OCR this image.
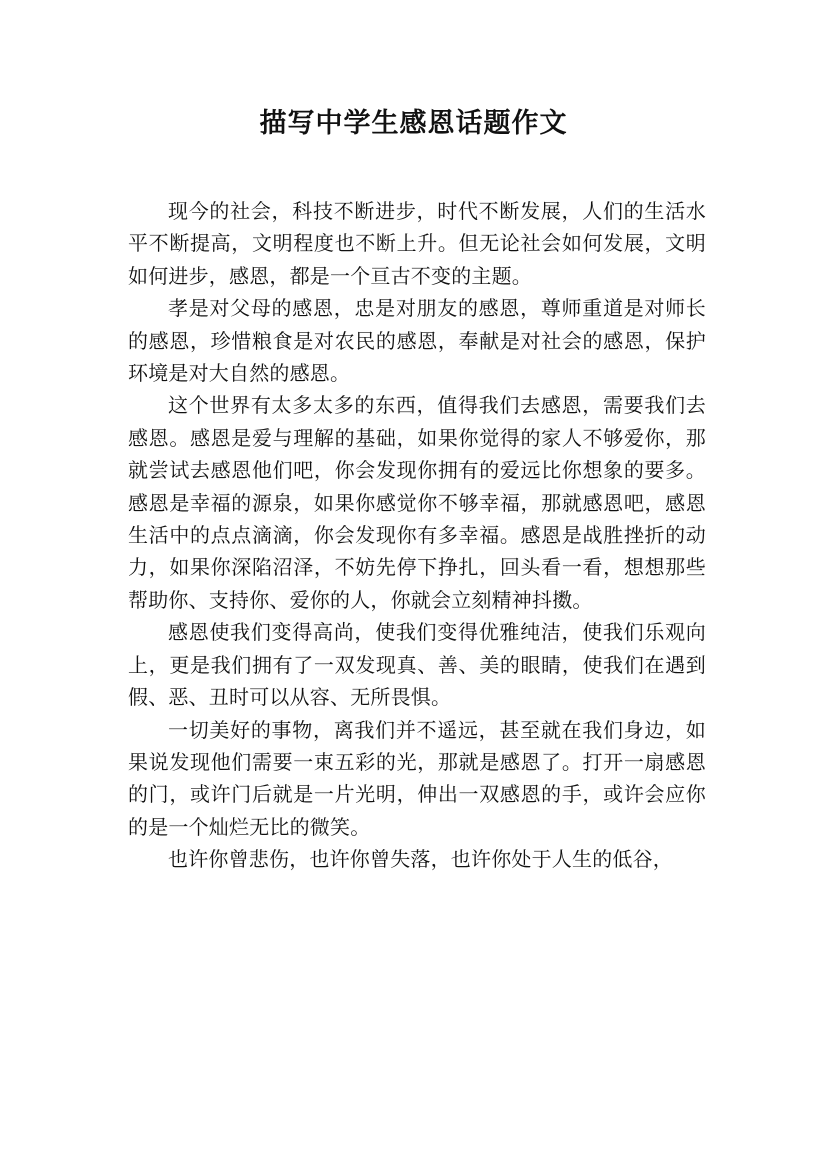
描写中学生感恩话题作文

现今的社会，科技不断进步，时代不断发展，人们的生活水平不断提高，文明程度也不断上升。但无论社会如何发展，文明如何进步，感恩，都是一个亘古不变的主题。

孝是对父母的感恩，忠是对朋友的感恩，尊师重道是对师长的感恩，珍惜粮食是对农民的感恩，奉献是对社会的感恩，保护环境是对大自然的感恩。

这个世界有太多太多的东西，值得我们去感恩，需要我们去感恩。感恩是爱与理解的基础，如果你觉得的家人不够爱你，那就尝试去感恩他们吧，你会发现你拥有的爱远比你想象的要多。感恩是幸福的源泉，如果你感觉你不够幸福，那就感恩吧，感恩生活中的点点滴滴，你会发现你有多幸福。感恩是战胜挫折的动力，如果你深陷沼泽，不妨先停下挣扎，回头看一看，想想那些帮助你、支持你、爱你的人，你就会立刻精神抖擞。

感恩使我们变得高尚，使我们变得优雅纯洁，使我们乐观向上，更是我们拥有了一双发现真、善、美的眼睛，使我们在遇到假、恶、丑时可以从容、无所畏惧。

一切美好的事物，离我们并不遥远，甚至就在我们身边，如果说发现他们需要一束五彩的光，那就是感恩了。打开一扇感恩的门，或许门后就是一片光明，伸出一双感恩的手，或许会应你的是一个灿烂无比的微笑。

也许你曾悲伤，也许你曾失落，也许你处于人生的低谷，
